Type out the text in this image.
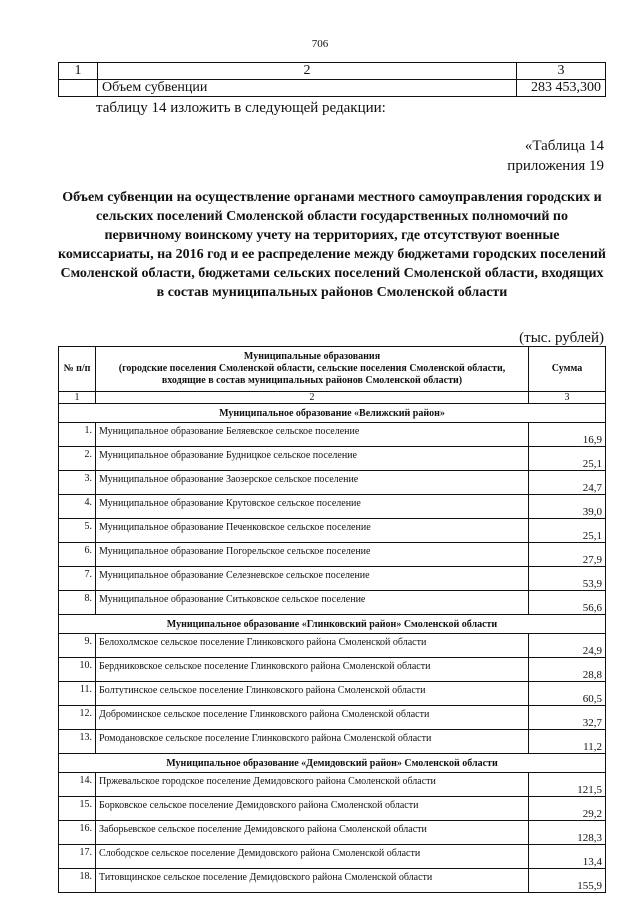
706
1	2	3
	Объем субвенции	283 453,300
таблицу 14 изложить в следующей редакции:
«Таблица 14
приложения 19
Объем субвенции на осуществление органами местного самоуправления городских и сельских поселений Смоленской области государственных полномочий по первичному воинскому учету на территориях, где отсутствуют военные комиссариаты, на 2016 год и ее распределение между бюджетами городских поселений Смоленской области, бюджетами сельских поселений Смоленской области, входящих в состав муниципальных районов Смоленской области
(тыс. рублей)
№ п/п	Муниципальные образования
(городские поселения Смоленской области, сельские поселения Смоленской области,
входящие в состав муниципальных районов Смоленской области)	Сумма
1	2	3
Муниципальное образование «Велижский район»		
1.	Муниципальное образование Беляевское сельское поселение	16,9
2.	Муниципальное образование Будницкое сельское поселение	25,1
3.	Муниципальное образование Заозерское сельское поселение	24,7
4.	Муниципальное образование Крутовское сельское поселение	39,0
5.	Муниципальное образование Печенковское сельское поселение	25,1
6.	Муниципальное образование Погорельское сельское поселение	27,9
7.	Муниципальное образование Селезневское сельское поселение	53,9
8.	Муниципальное образование Ситьковское сельское поселение	56,6
Муниципальное образование «Глинковский район» Смоленской области		
9.	Белохолмское сельское поселение Глинковского района Смоленской области	24,9
10.	Бердниковское сельское поселение Глинковского района Смоленской области	28,8
11.	Болтутинское сельское поселение Глинковского района Смоленской области	60,5
12.	Доброминское сельское поселение Глинковского района Смоленской области	32,7
13.	Ромодановское сельское поселение Глинковского района Смоленской области	11,2
Муниципальное образование «Демидовский район» Смоленской области		
14.	Пржевальское городское поселение Демидовского района Смоленской области	121,5
15.	Борковское сельское поселение Демидовского района Смоленской области	29,2
16.	Заборьевское сельское поселение Демидовского района Смоленской области	128,3
17.	Слободское сельское поселение Демидовского района Смоленской области	13,4
18.	Титовщинское сельское поселение Демидовского района Смоленской области	155,9
